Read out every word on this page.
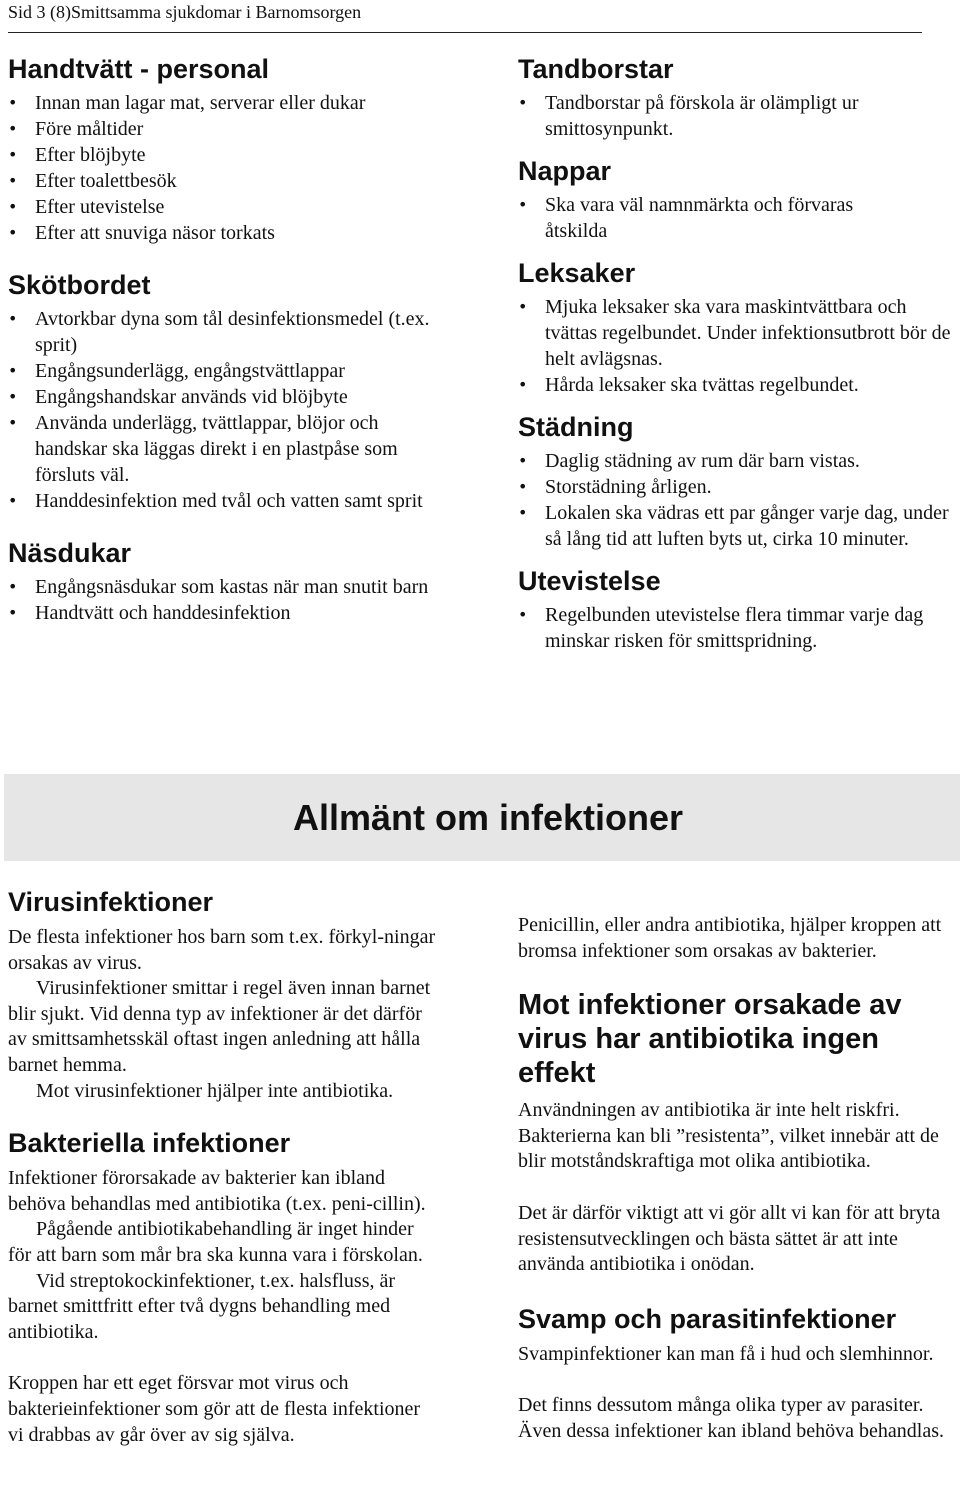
Sid 3 (8)Smittsamma sjukdomar i Barnomsorgen
Handtvätt - personal
• Innan man lagar mat, serverar eller dukar
• Före måltider
• Efter blöjbyte
• Efter toalettbesök
• Efter utevistelse
• Efter att snuviga näsor torkats
Skötbordet
• Avtorkbar dyna som tål desinfektionsmedel (t.ex. sprit)
• Engångsunderlägg, engångstvättlappar
• Engångshandskar används vid blöjbyte
• Använda underlägg, tvättlappar, blöjor och handskar ska läggas direkt i en plastpåse som försluts väl.
• Handdesinfektion med tvål och vatten samt sprit
Näsdukar
• Engångsnäsdukar som kastas när man snutit barn
• Handtvätt och handdesinfektion
Tandborstar
• Tandborstar på förskola är olämpligt ur smittosynpunkt.
Nappar
• Ska vara väl namnmärkta och förvaras åtskilda
Leksaker
• Mjuka leksaker ska vara maskintvättbara och tvättas regelbundet. Under infektionsutbrott bör de helt avlägsnas.
• Hårda leksaker ska tvättas regelbundet.
Städning
• Daglig städning av rum där barn vistas.
• Storstädning årligen.
• Lokalen ska vädras ett par gånger varje dag, under så lång tid att luften byts ut, cirka 10 minuter.
Utevistelse
• Regelbunden utevistelse flera timmar varje dag minskar risken för smittspridning.
Allmänt om infektioner
Virusinfektioner

De flesta infektioner hos barn som t.ex. förkyl-ningar orsakas av virus.

Virusinfektioner smittar i regel även innan barnet blir sjukt. Vid denna typ av infektioner är det därför av smittsamhetsskäl oftast ingen anledning att hålla barnet hemma.

Mot virusinfektioner hjälper inte antibiotika.

Bakteriella infektioner

Infektioner förorsakade av bakterier kan ibland behöva behandlas med antibiotika (t.ex. peni-cillin).

Pågående antibiotikabehandling är inget hinder för att barn som mår bra ska kunna vara i förskolan.

Vid streptokockinfektioner, t.ex. halsfluss, är barnet smittfritt efter två dygns behandling med antibiotika.

Kroppen har ett eget försvar mot virus och bakterieinfektioner som gör att de flesta infektioner vi drabbas av går över av sig själva.

Penicillin, eller andra antibiotika, hjälper kroppen att bromsa infektioner som orsakas av bakterier.

Mot infektioner orsakade av virus har antibiotika ingen effekt

Användningen av antibiotika är inte helt riskfri. Bakterierna kan bli ”resistenta”, vilket innebär att de blir motståndskraftiga mot olika antibiotika.

Det är därför viktigt att vi gör allt vi kan för att bryta resistensutvecklingen och bästa sättet är att inte använda antibiotika i onödan.

Svamp och parasitinfektioner

Svampinfektioner kan man få i hud och slemhinnor.

Det finns dessutom många olika typer av parasiter. Även dessa infektioner kan ibland behöva behandlas.
